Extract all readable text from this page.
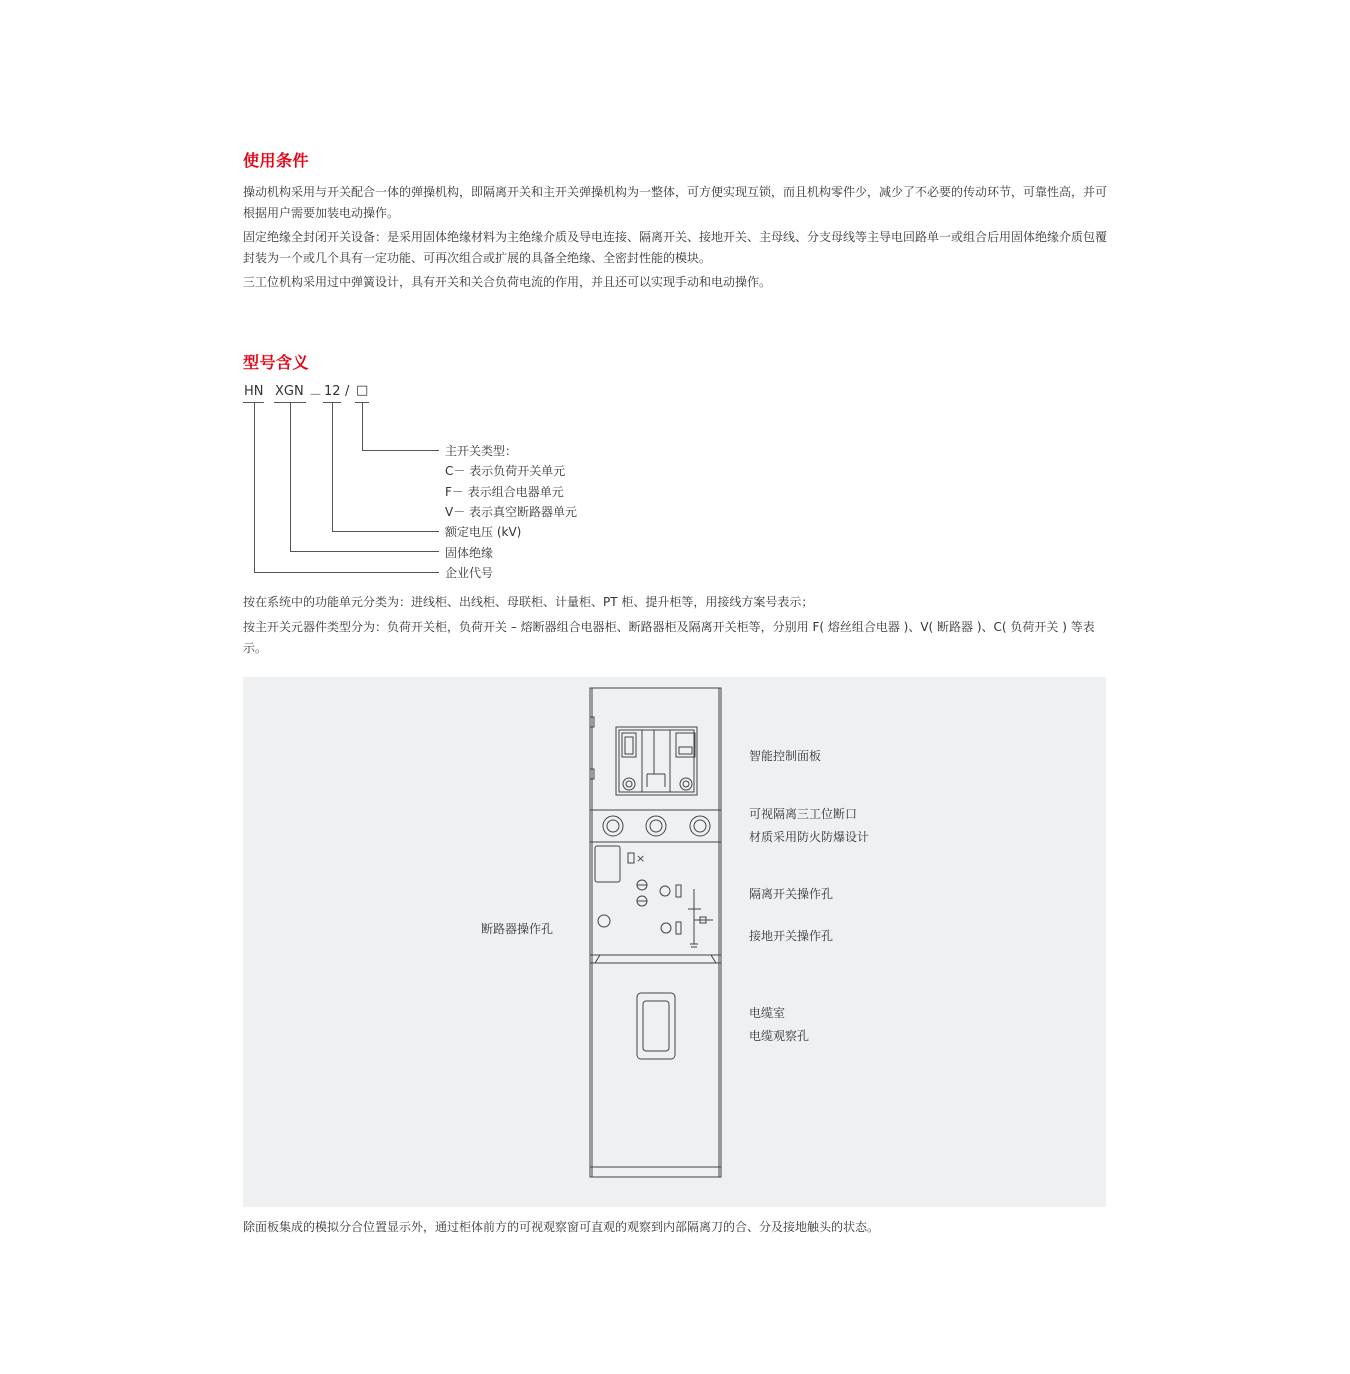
使用条件
操动机构采用与开关配合一体的弹操机构，即隔离开关和主开关弹操机构为一整体，可方便实现互锁，而且机构零件少，减少了不必要的传动环节，可靠性高，并可根据用户需要加装电动操作。
固定绝缘全封闭开关设备：是采用固体绝缘材料为主绝缘介质及导电连接、隔离开关、接地开关、主母线、分支母线等主导电回路单一或组合后用固体绝缘介质包覆封装为一个或几个具有一定功能、可再次组合或扩展的具备全绝缘、全密封性能的模块。
三工位机构采用过中弹簧设计，具有开关和关合负荷电流的作用，并且还可以实现手动和电动操作。
型号含义
HN XGN － 12 / □
主开关类型：
C－ 表示负荷开关单元
F－ 表示组合电器单元
V－ 表示真空断路器单元
额定电压 (kV)
固体绝缘
企业代号
按在系统中的功能单元分类为：进线柜、出线柜、母联柜、计量柜、PT 柜、提升柜等，用接线方案号表示；
按主开关元器件类型分为：负荷开关柜，负荷开关 – 熔断器组合电器柜、断路器柜及隔离开关柜等，分别用 F( 熔丝组合电器 )、V( 断路器 )、C( 负荷开关 ) 等表示。
×
智能控制面板
可视隔离三工位断口
材质采用防火防爆设计
隔离开关操作孔
接地开关操作孔
电缆室
电缆观察孔
断路器操作孔
除面板集成的模拟分合位置显示外，通过柜体前方的可视观察窗可直观的观察到内部隔离刀的合、分及接地触头的状态。
